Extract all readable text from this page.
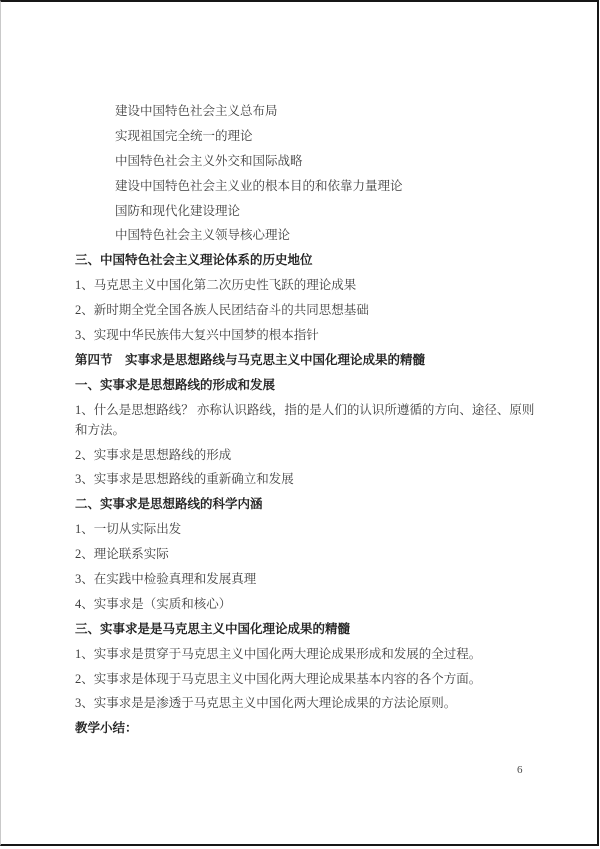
建设中国特色社会主义总布局

实现祖国完全统一的理论

中国特色社会主义外交和国际战略

建设中国特色社会主义业的根本目的和依靠力量理论

国防和现代化建设理论

中国特色社会主义领导核心理论

三、中国特色社会主义理论体系的历史地位

1、马克思主义中国化第二次历史性飞跃的理论成果

2、新时期全党全国各族人民团结奋斗的共同思想基础

3、实现中华民族伟大复兴中国梦的根本指针

第四节　实事求是思想路线与马克思主义中国化理论成果的精髓

一、实事求是思想路线的形成和发展

1、什么是思想路线？ 亦称认识路线，指的是人们的认识所遵循的方向、途径、原则和方法。

2、实事求是思想路线的形成

3、实事求是思想路线的重新确立和发展

二、实事求是思想路线的科学内涵

1、一切从实际出发

2、理论联系实际

3、在实践中检验真理和发展真理

4、实事求是（实质和核心）

三、实事求是是马克思主义中国化理论成果的精髓

1、实事求是贯穿于马克思主义中国化两大理论成果形成和发展的全过程。

2、实事求是体现于马克思主义中国化两大理论成果基本内容的各个方面。

3、实事求是是渗透于马克思主义中国化两大理论成果的方法论原则。

教学小结：

6
